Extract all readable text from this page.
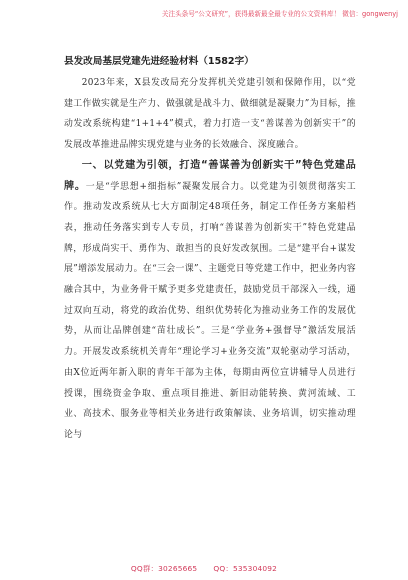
关注头条号“公文研究”，获得最新最全最专业的公文资料库！ 微信：gongwenyj
县发改局基层党建先进经验材料（1582字）

2023年来，X县发改局充分发挥机关党建引领和保障作用，以“党建工作做实就是生产力、做强就是战斗力、做细就是凝聚力”为目标，推动发改系统构建“1+1+4”模式，着力打造一支“善谋善为创新实干”的发展改革推进品牌实现党建与业务的长效融合、深度融合。

一、以党建为引领，打造“善谋善为创新实干”特色党建品牌。一是“学思想+细指标”凝聚发展合力。以党建为引领贯彻落实工作。推动发改系统从七大方面制定48项任务，制定工作任务方案船档表，推动任务落实到专人专员，打响“善谋善为创新实干”特色党建品牌，形成尚实干、勇作为、敢担当的良好发改氛围。二是“建平台+谋发展”增添发展动力。在“三会一课”、主题党日等党建工作中，把业务内容融合其中，为业务骨干赋予更多党建责任，鼓励党员干部深入一线，通过双向互动，将党的政治优势、组织优势转化为推动业务工作的发展优势，从而让品牌创建“苗壮成长”。三是“学业务+强督导”激活发展活力。开展发改系统机关青年“理论学习+业务交流”双轮驱动学习活动，由X位近两年新入职的青年干部为主体，每期由两位宣讲辅导人员进行授课，围绕资金争取、重点项目推进、新旧动能转换、黄河流域、工业、高技术、服务业等相关业务进行政策解读、业务培训，切实推动理论与

QQ群：30265665 QQ：535304092
